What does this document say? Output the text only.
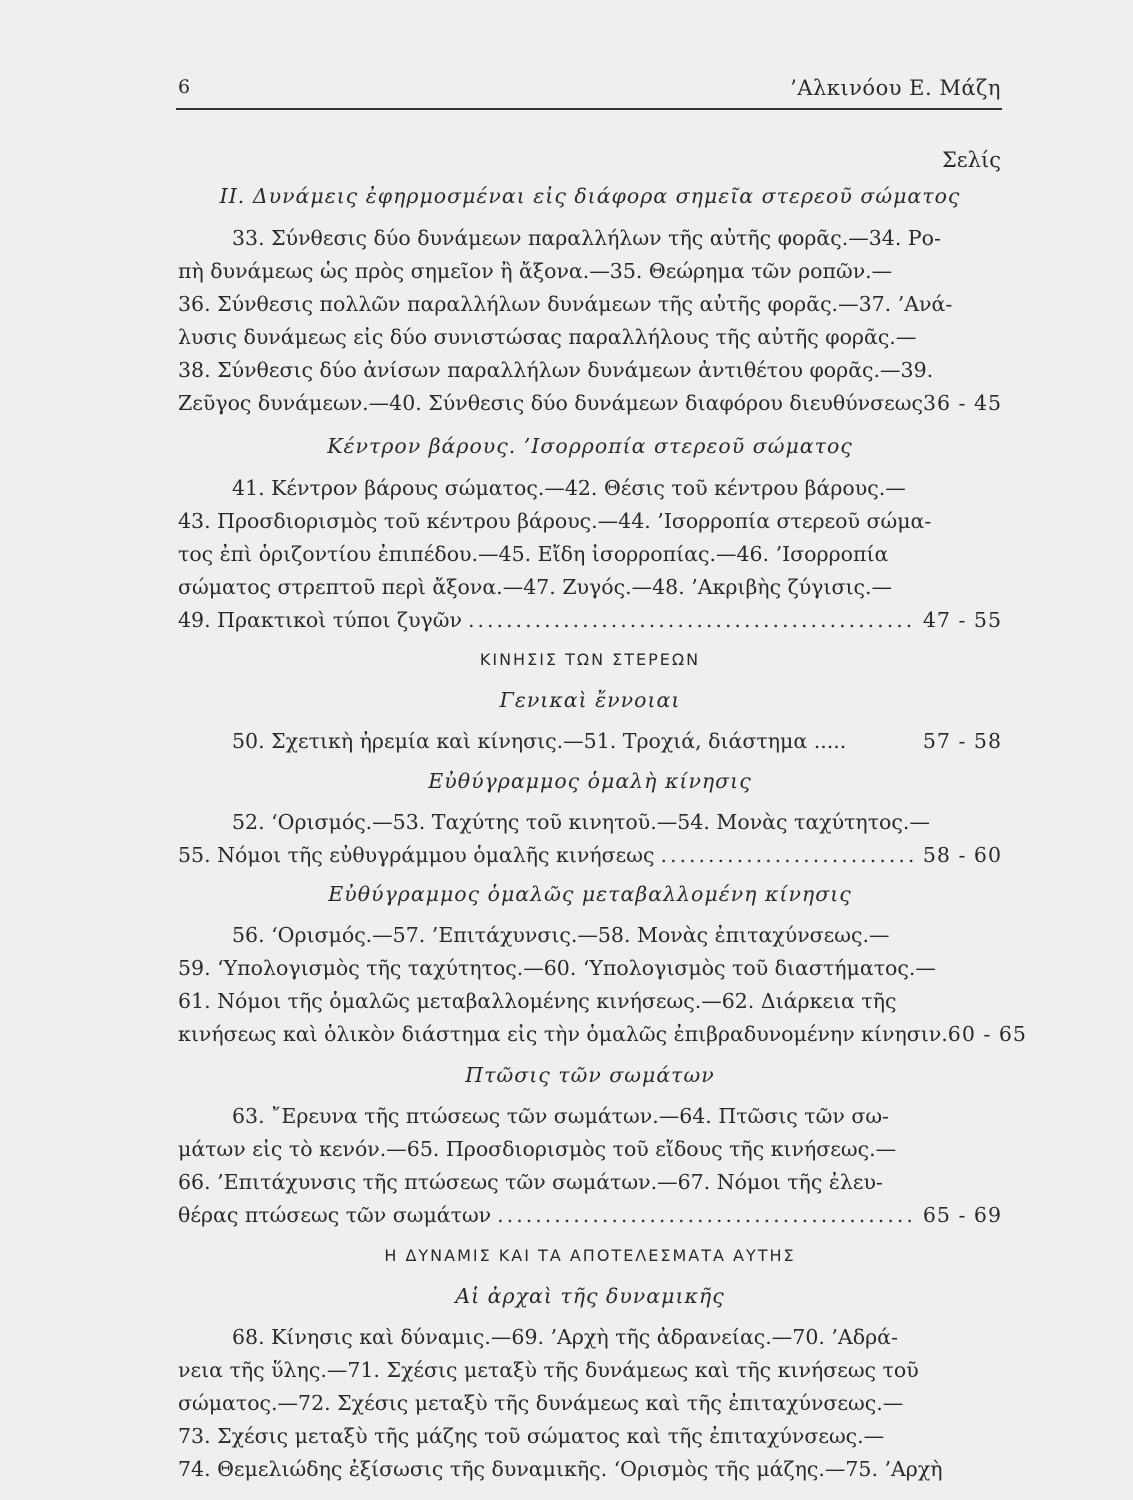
6	’Αλκινόου Ε. Μάζη
Σελίς
ΙΙ. Δυνάμεις ἐφηρμοσμέναι εἰς διάφορα σημεῖα στερεοῦ σώματος
33. Σύνθεσις δύο δυνάμεων παραλλήλων τῆς αὐτῆς φορᾶς.—34. Ρο-
πὴ δυνάμεως ὡς πρὸς σημεῖον ἢ ἄξονα.—35. Θεώρημα τῶν ροπῶν.—
36. Σύνθεσις πολλῶν παραλλήλων δυνάμεων τῆς αὐτῆς φορᾶς.—37. ’Ανά-
λυσις δυνάμεως εἰς δύο συνιστώσας παραλλήλους τῆς αὐτῆς φορᾶς.—
38. Σύνθεσις δύο ἀνίσων παραλλήλων δυνάμεων ἀντιθέτου φορᾶς.—39.
Ζεῦγος δυνάμεων.—40. Σύνθεσις δύο δυνάμεων διαφόρου διευθύνσεως 36 - 45
Κέντρον βάρους. ’Ισορροπία στερεοῦ σώματος
41. Κέντρον βάρους σώματος.—42. Θέσις τοῦ κέντρου βάρους.—
43. Προσδιορισμὸς τοῦ κέντρου βάρους.—44. ’Ισορροπία στερεοῦ σώμα-
τος ἐπὶ ὁριζοντίου ἐπιπέδου.—45. Εἴδη ἰσορροπίας.—46. ’Ισορροπία
σώματος στρεπτοῦ περὶ ἄξονα.—47. Ζυγός.—48. ’Ακριβὴς ζύγισις.—
49. Πρακτικοὶ τύποι ζυγῶν .....	47 - 55
ΚΙΝΗΣΙΣ ΤΩΝ ΣΤΕΡΕΩΝ
Γενικαὶ ἔννοιαι
50. Σχετικὴ ἠρεμία καὶ κίνησις.—51. Τροχιά, διάστημα .....	57 - 58
Εὐθύγραμμος ὁμαλὴ κίνησις
52. ‘Ορισμός.—53. Ταχύτης τοῦ κινητοῦ.—54. Μονὰς ταχύτητος.—
55. Νόμοι τῆς εὐθυγράμμου ὁμαλῆς κινήσεως .....	58 - 60
Εὐθύγραμμος ὁμαλῶς μεταβαλλομένη κίνησις
56. ‘Ορισμός.—57. ’Επιτάχυνσις.—58. Μονὰς ἐπιταχύνσεως.—
59. ‘Υπολογισμὸς τῆς ταχύτητος.—60. ‘Υπολογισμὸς τοῦ διαστήματος.—
61. Νόμοι τῆς ὁμαλῶς μεταβαλλομένης κινήσεως.—62. Διάρκεια τῆς
κινήσεως καὶ ὁλικὸν διάστημα εἰς τὴν ὁμαλῶς ἐπιβραδυνομένην κίνησιν. 60 - 65
Πτῶσις τῶν σωμάτων
63. ῎Ερευνα τῆς πτώσεως τῶν σωμάτων.—64. Πτῶσις τῶν σω-
μάτων εἰς τὸ κενόν.—65. Προσδιορισμὸς τοῦ εἴδους τῆς κινήσεως.—
66. ’Επιτάχυνσις τῆς πτώσεως τῶν σωμάτων.—67. Νόμοι τῆς ἐλευ-
θέρας πτώσεως τῶν σωμάτων .....	65 - 69
Η ΔΥΝΑΜΙΣ ΚΑΙ ΤΑ ΑΠΟΤΕΛΕΣΜΑΤΑ ΑΥΤΗΣ
Αἱ ἀρχαὶ τῆς δυναμικῆς
68. Κίνησις καὶ δύναμις.—69. ’Αρχὴ τῆς ἀδρανείας.—70. ’Αδρά-
νεια τῆς ὕλης.—71. Σχέσις μεταξὺ τῆς δυνάμεως καὶ τῆς κινήσεως τοῦ
σώματος.—72. Σχέσις μεταξὺ τῆς δυνάμεως καὶ τῆς ἐπιταχύνσεως.—
73. Σχέσις μεταξὺ τῆς μάζης τοῦ σώματος καὶ τῆς ἐπιταχύνσεως.—
74. Θεμελιώδης ἐξίσωσις τῆς δυναμικῆς. ‘Ορισμὸς τῆς μάζης.—75. ’Αρχὴ
